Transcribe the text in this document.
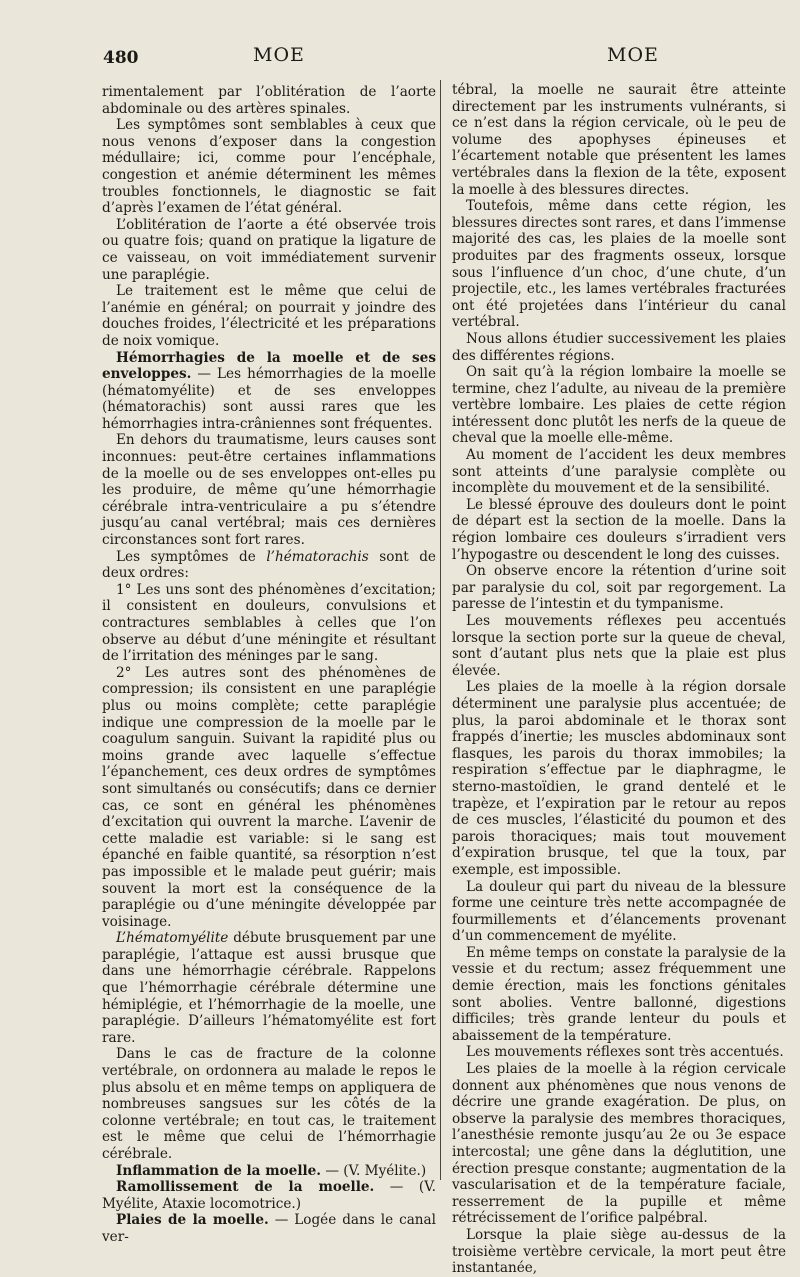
480	MOE	MOE

rimentalement par l’oblitération de l’aorte abdominale ou des artères spinales.

Les symptômes sont semblables à ceux que nous venons d’exposer dans la congestion médullaire; ici, comme pour l’encéphale, congestion et anémie déterminent les mêmes troubles fonctionnels, le diagnostic se fait d’après l’examen de l’état général.

L’oblitération de l’aorte a été observée trois ou quatre fois; quand on pratique la ligature de ce vaisseau, on voit immédiatement survenir une paraplégie.

Le traitement est le même que celui de l’anémie en général; on pourrait y joindre des douches froides, l’électricité et les préparations de noix vomique.

Hémorrhagies de la moelle et de ses enveloppes. — Les hémorrhagies de la moelle (hématomyélite) et de ses enveloppes (hématorachis) sont aussi rares que les hémorrhagies intra-crâniennes sont fréquentes.

En dehors du traumatisme, leurs causes sont inconnues: peut-être certaines inflammations de la moelle ou de ses enveloppes ont-elles pu les produire, de même qu’une hémorrhagie cérébrale intra-ventriculaire a pu s’étendre jusqu’au canal vertébral; mais ces dernières circonstances sont fort rares.

Les symptômes de l’hématorachis sont de deux ordres:

1° Les uns sont des phénomènes d’excitation; il consistent en douleurs, convulsions et contractures semblables à celles que l’on observe au début d’une méningite et résultant de l’irritation des méninges par le sang.

2° Les autres sont des phénomènes de compression; ils consistent en une paraplégie plus ou moins complète; cette paraplégie indique une compression de la moelle par le coagulum sanguin. Suivant la rapidité plus ou moins grande avec laquelle s’effectue l’épanchement, ces deux ordres de symptômes sont simultanés ou consécutifs; dans ce dernier cas, ce sont en général les phénomènes d’excitation qui ouvrent la marche. L’avenir de cette maladie est variable: si le sang est épanché en faible quantité, sa résorption n’est pas impossible et le malade peut guérir; mais souvent la mort est la conséquence de la paraplégie ou d’une méningite développée par voisinage.

L’hématomyélite débute brusquement par une paraplégie, l’attaque est aussi brusque que dans une hémorrhagie cérébrale. Rappelons que l’hémorrhagie cérébrale détermine une hémiplégie, et l’hémorrhagie de la moelle, une paraplégie. D’ailleurs l’hématomyélite est fort rare.

Dans le cas de fracture de la colonne vertébrale, on ordonnera au malade le repos le plus absolu et en même temps on appliquera de nombreuses sangsues sur les côtés de la colonne vertébrale; en tout cas, le traitement est le même que celui de l’hémorrhagie cérébrale.

Inflammation de la moelle. — (V. Myélite.)

Ramollissement de la moelle. — (V. Myélite, Ataxie locomotrice.)

Plaies de la moelle. — Logée dans le canal ver-

tébral, la moelle ne saurait être atteinte directement par les instruments vulnérants, si ce n’est dans la région cervicale, où le peu de volume des apophyses épineuses et l’écartement notable que présentent les lames vertébrales dans la flexion de la tête, exposent la moelle à des blessures directes.

Toutefois, même dans cette région, les blessures directes sont rares, et dans l’immense majorité des cas, les plaies de la moelle sont produites par des fragments osseux, lorsque sous l’influence d’un choc, d’une chute, d’un projectile, etc., les lames vertébrales fracturées ont été projetées dans l’intérieur du canal vertébral.

Nous allons étudier successivement les plaies des différentes régions.

On sait qu’à la région lombaire la moelle se termine, chez l’adulte, au niveau de la première vertèbre lombaire. Les plaies de cette région intéressent donc plutôt les nerfs de la queue de cheval que la moelle elle-même.

Au moment de l’accident les deux membres sont atteints d’une paralysie complète ou incomplète du mouvement et de la sensibilité.

Le blessé éprouve des douleurs dont le point de départ est la section de la moelle. Dans la région lombaire ces douleurs s’irradient vers l’hypogastre ou descendent le long des cuisses.

On observe encore la rétention d’urine soit par paralysie du col, soit par regorgement. La paresse de l’intestin et du tympanisme.

Les mouvements réflexes peu accentués lorsque la section porte sur la queue de cheval, sont d’autant plus nets que la plaie est plus élevée.

Les plaies de la moelle à la région dorsale déterminent une paralysie plus accentuée; de plus, la paroi abdominale et le thorax sont frappés d’inertie; les muscles abdominaux sont flasques, les parois du thorax immobiles; la respiration s’effectue par le diaphragme, le sterno-mastoïdien, le grand dentelé et le trapèze, et l’expiration par le retour au repos de ces muscles, l’élasticité du poumon et des parois thoraciques; mais tout mouvement d’expiration brusque, tel que la toux, par exemple, est impossible.

La douleur qui part du niveau de la blessure forme une ceinture très nette accompagnée de fourmillements et d’élancements provenant d’un commencement de myélite.

En même temps on constate la paralysie de la vessie et du rectum; assez fréquemment une demie érection, mais les fonctions génitales sont abolies. Ventre ballonné, digestions difficiles; très grande lenteur du pouls et abaissement de la température.

Les mouvements réflexes sont très accentués.

Les plaies de la moelle à la région cervicale donnent aux phénomènes que nous venons de décrire une grande exagération. De plus, on observe la paralysie des membres thoraciques, l’anesthésie remonte jusqu’au 2e ou 3e espace intercostal; une gêne dans la déglutition, une érection presque constante; augmentation de la vascularisation et de la température faciale, resserrement de la pupille et même rétrécissement de l’orifice palpébral.

Lorsque la plaie siège au-dessus de la troisième vertèbre cervicale, la mort peut être instantanée,
